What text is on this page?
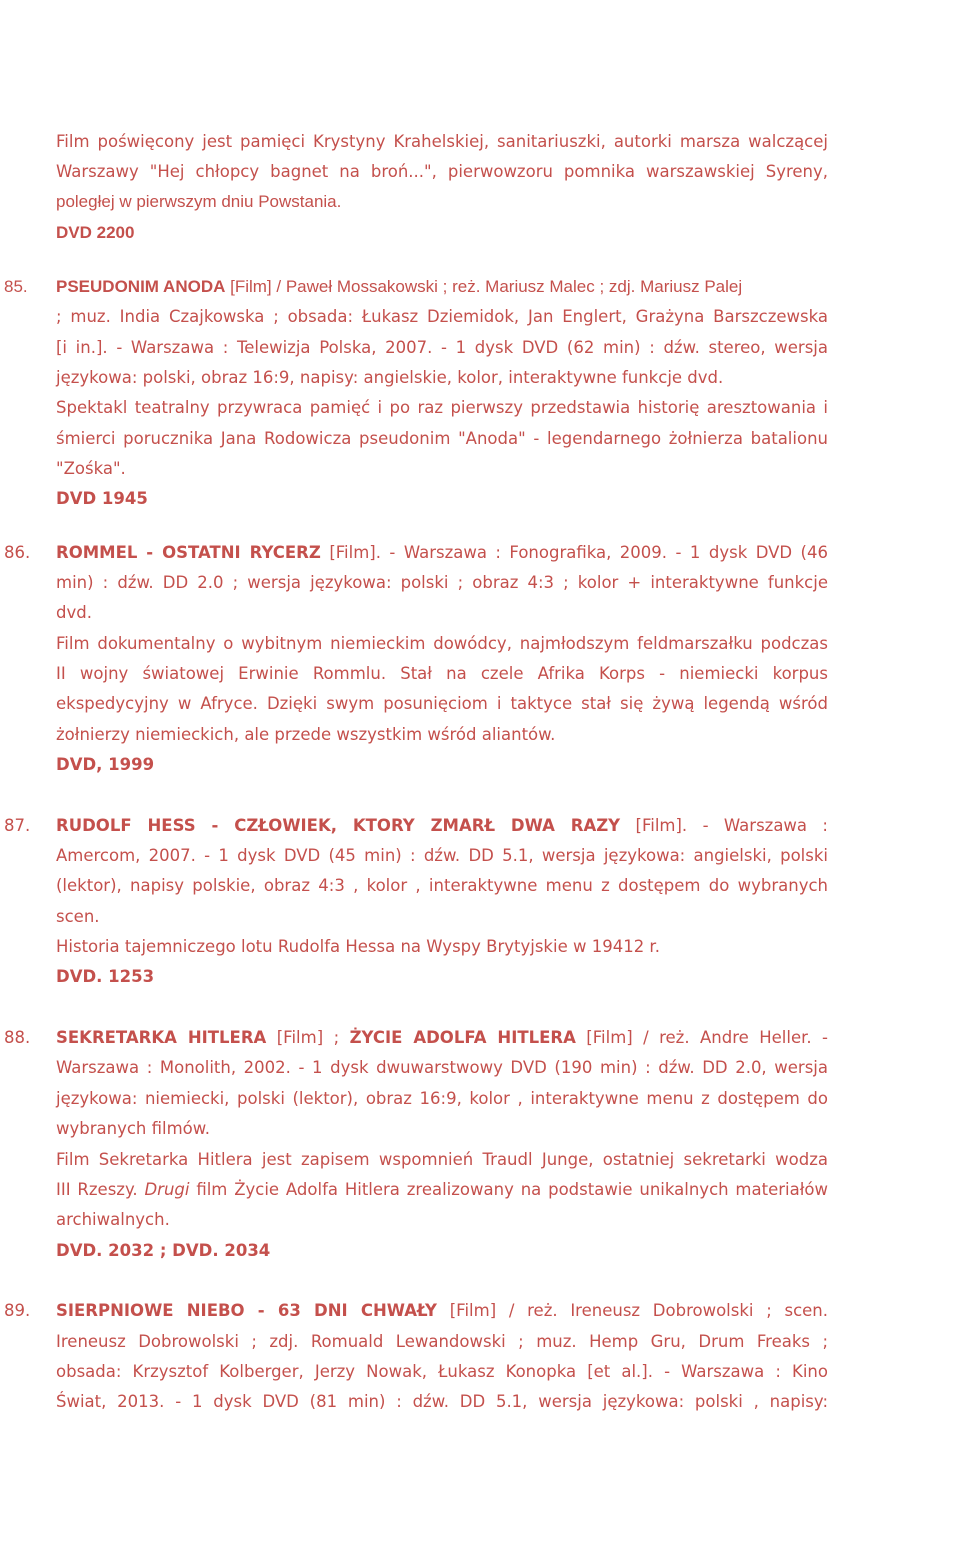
Film poświęcony jest pamięci Krystyny Krahelskiej, sanitariuszki, autorki marsza walczącej
Warszawy "Hej chłopcy bagnet na broń...", pierwowzoru pomnika warszawskiej Syreny,
poległej w pierwszym dniu Powstania.
DVD 2200
85. PSEUDONIM ANODA [Film] / Paweł Mossakowski ; reż. Mariusz Malec ; zdj. Mariusz Palej
; muz. India Czajkowska ; obsada: Łukasz Dziemidok, Jan Englert, Grażyna Barszczewska
[i in.]. - Warszawa : Telewizja Polska, 2007. - 1 dysk DVD (62 min) : dźw. stereo, wersja
językowa: polski, obraz 16:9, napisy: angielskie, kolor, interaktywne funkcje dvd.
Spektakl teatralny przywraca pamięć i po raz pierwszy przedstawia historię aresztowania i
śmierci porucznika Jana Rodowicza pseudonim "Anoda" - legendarnego żołnierza batalionu
"Zośka".
DVD 1945
86. ROMMEL - OSTATNI RYCERZ [Film]. - Warszawa : Fonografika, 2009. - 1 dysk DVD (46
min) : dźw. DD 2.0 ; wersja językowa: polski ; obraz 4:3 ; kolor + interaktywne funkcje
dvd.
Film dokumentalny o wybitnym niemieckim dowódcy, najmłodszym feldmarszałku podczas
II wojny światowej Erwinie Rommlu. Stał na czele Afrika Korps - niemiecki korpus
ekspedycyjny w Afryce. Dzięki swym posunięciom i taktyce stał się żywą legendą wśród
żołnierzy niemieckich, ale przede wszystkim wśród aliantów.
DVD, 1999
87. RUDOLF HESS - CZŁOWIEK, KTORY ZMARŁ DWA RAZY [Film]. - Warszawa :
Amercom, 2007. - 1 dysk DVD (45 min) : dźw. DD 5.1, wersja językowa: angielski, polski
(lektor), napisy polskie, obraz 4:3 , kolor , interaktywne menu z dostępem do wybranych
scen.
Historia tajemniczego lotu Rudolfa Hessa na Wyspy Brytyjskie w 19412 r.
DVD. 1253
88. SEKRETARKA HITLERA [Film] ; ŻYCIE ADOLFA HITLERA [Film] / reż. Andre Heller. -
Warszawa : Monolith, 2002. - 1 dysk dwuwarstwowy DVD (190 min) : dźw. DD 2.0, wersja
językowa: niemiecki, polski (lektor), obraz 16:9, kolor , interaktywne menu z dostępem do
wybranych filmów.
Film Sekretarka Hitlera jest zapisem wspomnień Traudl Junge, ostatniej sekretarki wodza
III Rzeszy. Drugi film Życie Adolfa Hitlera zrealizowany na podstawie unikalnych materiałów
archiwalnych.
DVD. 2032 ; DVD. 2034
89. SIERPNIOWE NIEBO - 63 DNI CHWAŁY [Film] / reż. Ireneusz Dobrowolski ; scen.
Ireneusz Dobrowolski ; zdj. Romuald Lewandowski ; muz. Hemp Gru, Drum Freaks ;
obsada: Krzysztof Kolberger, Jerzy Nowak, Łukasz Konopka [et al.]. - Warszawa : Kino
Świat, 2013. - 1 dysk DVD (81 min) : dźw. DD 5.1, wersja językowa: polski , napisy:
